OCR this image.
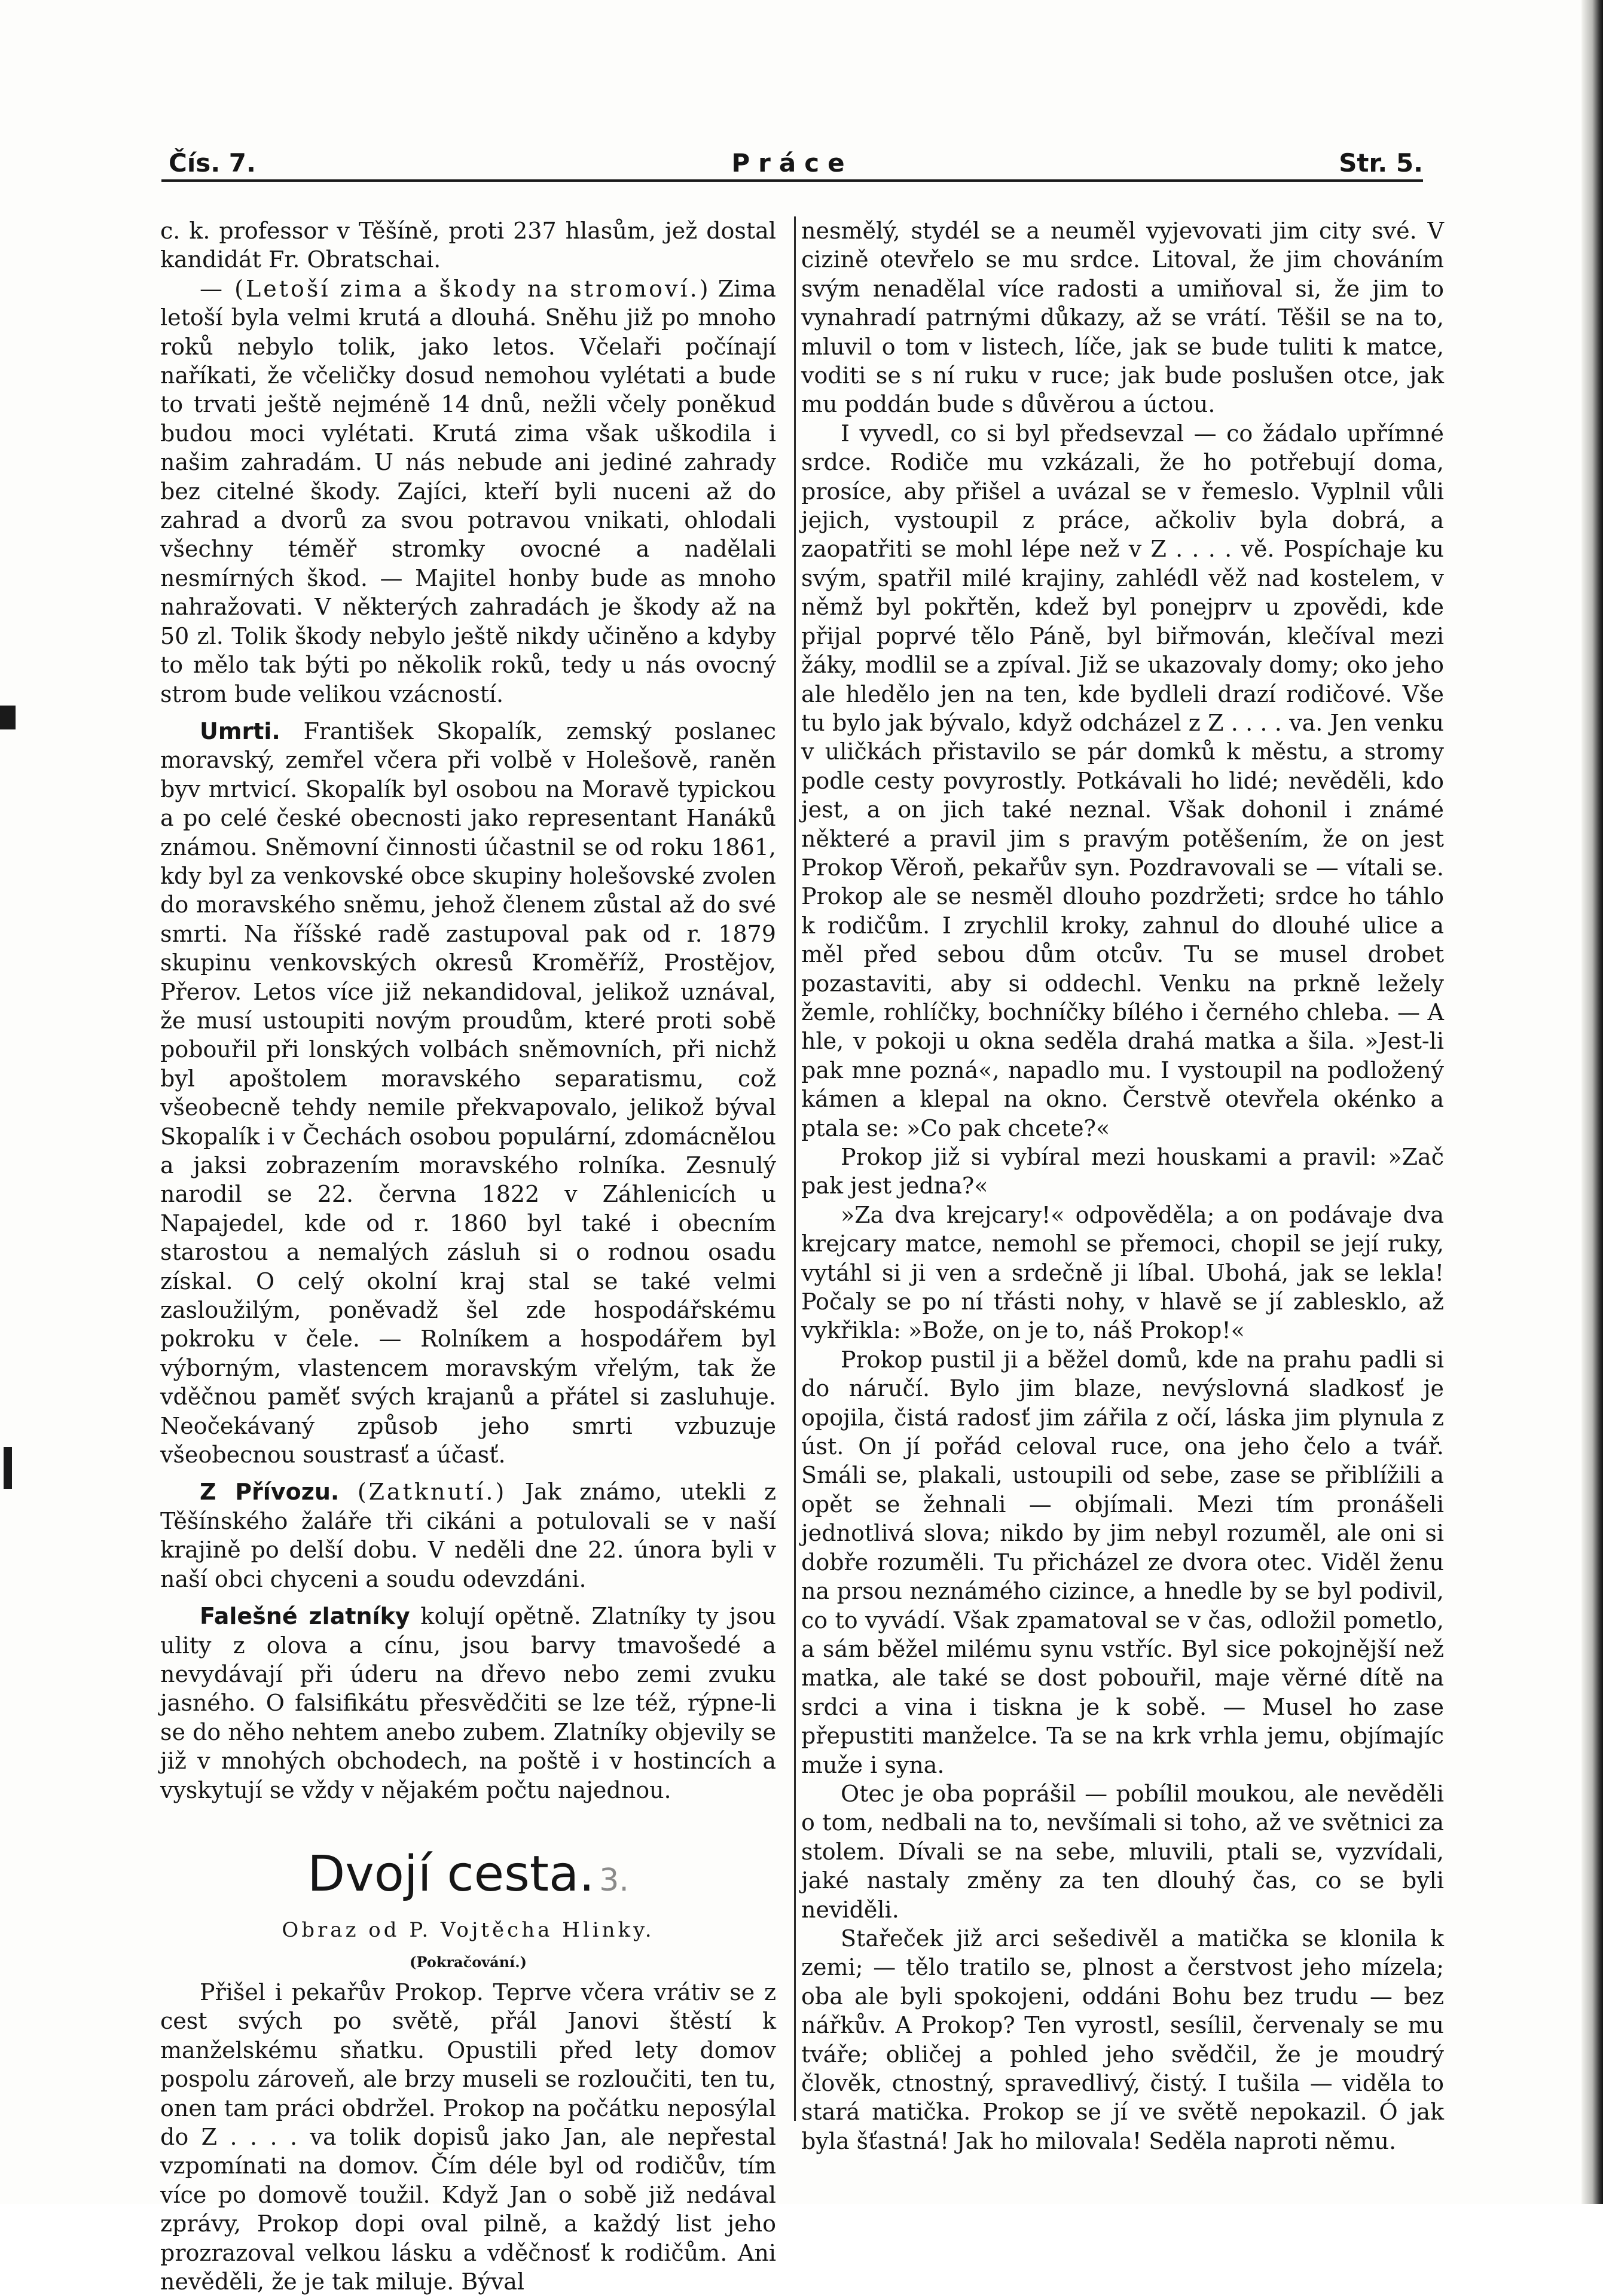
Čís. 7.	Práce	Str. 5.

c. k. professor v Těšíně, proti 237 hlasům, jež dostal kandidát Fr. Obratschai.

— (Letoší zima a škody na stromoví.) Zima letoší byla velmi krutá a dlouhá. Sněhu již po mnoho roků nebylo tolik, jako letos. Včelaři počínají naříkati, že včeličky dosud nemohou vylétati a bude to trvati ještě nejméně 14 dnů, nežli včely poněkud budou moci vylétati. Krutá zima však uškodila i našim zahradám. U nás nebude ani jediné zahrady bez citelné škody. Zajíci, kteří byli nuceni až do zahrad a dvorů za svou potravou vnikati, ohlodali všechny téměř stromky ovocné a nadělali nesmírných škod. — Majitel honby bude as mnoho nahražovati. V některých zahradách je škody až na 50 zl. Tolik škody nebylo ještě nikdy učiněno a kdyby to mělo tak býti po několik roků, tedy u nás ovocný strom bude velikou vzácností.

Umrti. František Skopalík, zemský poslanec moravský, zemřel včera při volbě v Holešově, raněn byv mrtvicí. Skopalík byl osobou na Moravě typickou a po celé české obecnosti jako representant Hanáků známou. Sněmovní činnosti účastnil se od roku 1861, kdy byl za venkovské obce skupiny holešovské zvolen do moravského sněmu, jehož členem zůstal až do své smrti. Na říšské radě zastupoval pak od r. 1879 skupinu venkovských okresů Kroměříž, Prostějov, Přerov. Letos více již nekandidoval, jelikož uznával, že musí ustoupiti novým proudům, které proti sobě pobouřil při lonských volbách sněmovních, při nichž byl apoštolem moravského separatismu, což všeobecně tehdy nemile překvapovalo, jelikož býval Skopalík i v Čechách osobou populární, zdomácnělou a jaksi zobrazením moravského rolníka. Zesnulý narodil se 22. června 1822 v Záhlenicích u Napajedel, kde od r. 1860 byl také i obecním starostou a nemalých zásluh si o rodnou osadu získal. O celý okolní kraj stal se také velmi zasloužilým, poněvadž šel zde hospodářskému pokroku v čele. — Rolníkem a hospodářem byl výborným, vlastencem moravským vřelým, tak že vděčnou paměť svých krajanů a přátel si zasluhuje. Neočekávaný způsob jeho smrti vzbuzuje všeobecnou soustrasť a účasť.

Z Přívozu. (Zatknutí.) Jak známo, utekli z Těšínského žaláře tři cikáni a potulovali se v naší krajině po delší dobu. V neděli dne 22. února byli v naší obci chyceni a soudu odevzdáni.

Falešné zlatníky kolují opětně. Zlatníky ty jsou ulity z olova a cínu, jsou barvy tmavošedé a nevydávají při úderu na dřevo nebo zemi zvuku jasného. O falsifikátu přesvědčiti se lze též, rýpne-li se do něho nehtem anebo zubem. Zlatníky objevily se již v mnohých obchodech, na poště i v hostincích a vyskytují se vždy v nějakém počtu najednou.

Dvojí cesta. 3.
Obraz od P. Vojtěcha Hlinky.
(Pokračování.)

Přišel i pekařův Prokop. Teprve včera vrátiv se z cest svých po světě, přál Janovi štěstí k manželskému sňatku. Opustili před lety domov pospolu zároveň, ale brzy museli se rozloučiti, ten tu, onen tam práci obdržel. Prokop na počátku neposýlal do Z . . . . va tolik dopisů jako Jan, ale nepřestal vzpomínati na domov. Čím déle byl od rodičův, tím více po domově toužil. Když Jan o sobě již nedával zprávy, Prokop dopi oval pilně, a každý list jeho prozrazoval velkou lásku a vděčnosť k rodičům. Ani nevěděli, že je tak miluje. Býval

nesmělý, stydél se a neuměl vyjevovati jim city své. V cizině otevřelo se mu srdce. Litoval, že jim chováním svým nenadělal více radosti a umiňoval si, že jim to vynahradí patrnými důkazy, až se vrátí. Těšil se na to, mluvil o tom v listech, líče, jak se bude tuliti k matce, voditi se s ní ruku v ruce; jak bude poslušen otce, jak mu poddán bude s důvěrou a úctou.

I vyvedl, co si byl předsevzal — co žádalo upřímné srdce. Rodiče mu vzkázali, že ho potřebují doma, prosíce, aby přišel a uvázal se v řemeslo. Vyplnil vůli jejich, vystoupil z práce, ačkoliv byla dobrá, a zaopatřiti se mohl lépe než v Z . . . . vě. Pospíchaje ku svým, spatřil milé krajiny, zahlédl věž nad kostelem, v němž byl pokřtěn, kdež byl ponejprv u zpovědi, kde přijal poprvé tělo Páně, byl biřmován, klečíval mezi žáky, modlil se a zpíval. Již se ukazovaly domy; oko jeho ale hledělo jen na ten, kde bydleli drazí rodičové. Vše tu bylo jak bývalo, když odcházel z Z . . . . va. Jen venku v uličkách přistavilo se pár domků k městu, a stromy podle cesty povyrostly. Potkávali ho lidé; nevěděli, kdo jest, a on jich také neznal. Však dohonil i známé některé a pravil jim s pravým potěšením, že on jest Prokop Věroň, pekařův syn. Pozdravovali se — vítali se. Prokop ale se nesměl dlouho pozdržeti; srdce ho táhlo k rodičům. I zrychlil kroky, zahnul do dlouhé ulice a měl před sebou dům otcův. Tu se musel drobet pozastaviti, aby si oddechl. Venku na prkně ležely žemle, rohlíčky, bochníčky bílého i černého chleba. — A hle, v pokoji u okna seděla drahá matka a šila. »Jest-li pak mne pozná«, napadlo mu. I vystoupil na podložený kámen a klepal na okno. Čerstvě otevřela okénko a ptala se: »Co pak chcete?«

Prokop již si vybíral mezi houskami a pravil: »Zač pak jest jedna?«

»Za dva krejcary!« odpověděla; a on podávaje dva krejcary matce, nemohl se přemoci, chopil se její ruky, vytáhl si ji ven a srdečně ji líbal. Ubohá, jak se lekla! Počaly se po ní třásti nohy, v hlavě se jí zablesklo, až vykřikla: »Bože, on je to, náš Prokop!«

Prokop pustil ji a běžel domů, kde na prahu padli si do náručí. Bylo jim blaze, nevýslovná sladkosť je opojila, čistá radosť jim zářila z očí, láska jim plynula z úst. On jí pořád celoval ruce, ona jeho čelo a tvář. Smáli se, plakali, ustoupili od sebe, zase se přiblížili a opět se žehnali — objímali. Mezi tím pronášeli jednotlivá slova; nikdo by jim nebyl rozuměl, ale oni si dobře rozuměli. Tu přicházel ze dvora otec. Viděl ženu na prsou neznámého cizince, a hnedle by se byl podivil, co to vyvádí. Však zpamatoval se v čas, odložil pometlo, a sám běžel milému synu vstříc. Byl sice pokojnější než matka, ale také se dost pobouřil, maje věrné dítě na srdci a vina i tiskna je k sobě. — Musel ho zase přepustiti manželce. Ta se na krk vrhla jemu, objímajíc muže i syna.

Otec je oba poprášil — pobílil moukou, ale nevěděli o tom, nedbali na to, nevšímali si toho, až ve světnici za stolem. Dívali se na sebe, mluvili, ptali se, vyzvídali, jaké nastaly změny za ten dlouhý čas, co se byli neviděli.

Stařeček již arci sešedivěl a matička se klonila k zemi; — tělo tratilo se, plnost a čerstvost jeho mízela; oba ale byli spokojeni, oddáni Bohu bez trudu — bez nářkův. A Prokop? Ten vyrostl, sesílil, červenaly se mu tváře; obličej a pohled jeho svědčil, že je moudrý člověk, ctnostný, spravedlivý, čistý. I tušila — viděla to stará matička. Prokop se jí ve světě nepokazil. Ó jak byla šťastná! Jak ho milovala! Seděla naproti němu.
